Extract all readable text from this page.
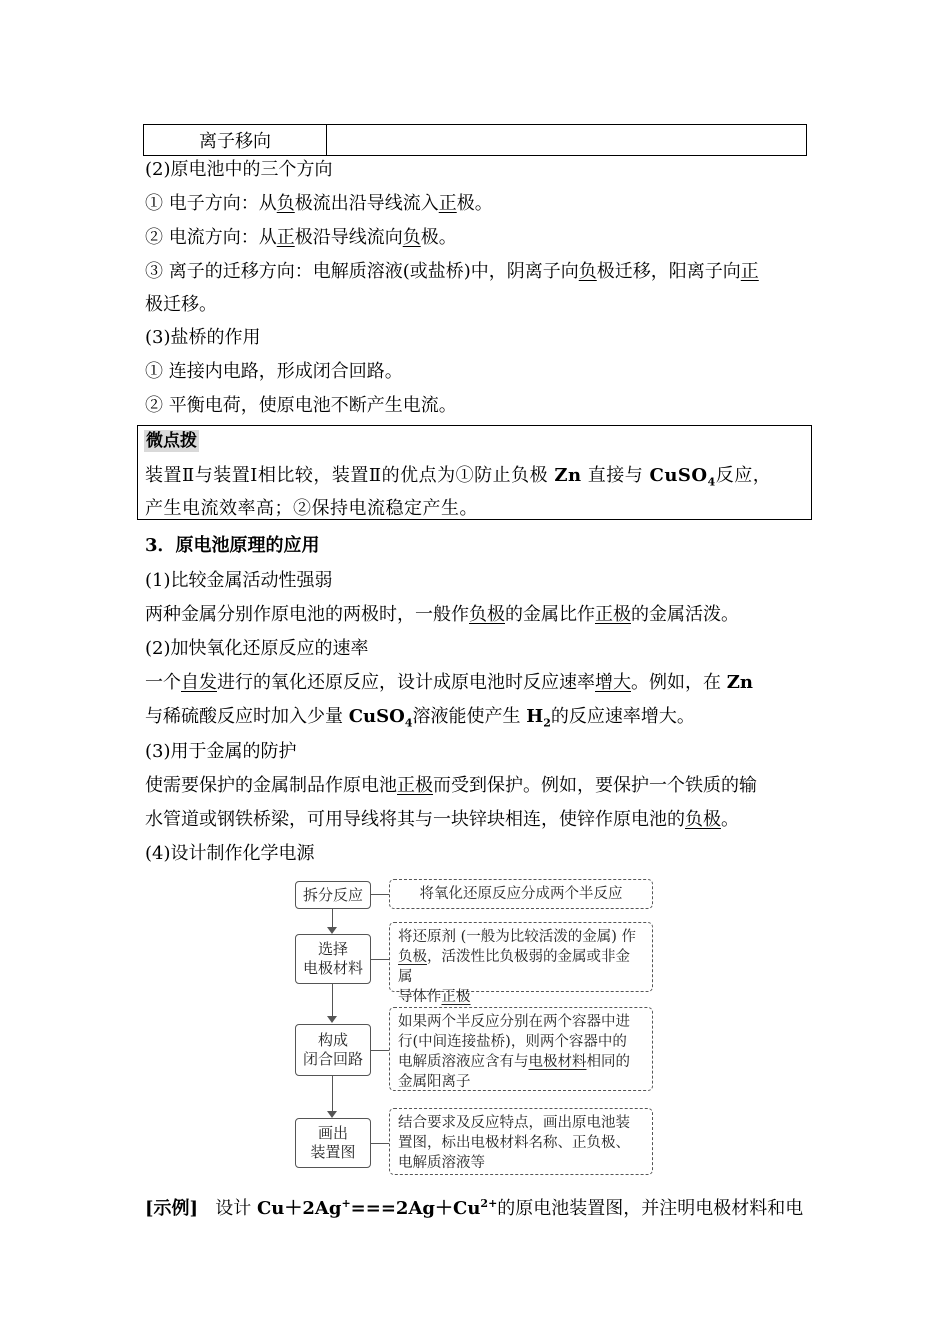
离子移向	
(2)原电池中的三个方向
① 电子方向：从负极流出沿导线流入正极。
② 电流方向：从正极沿导线流向负极。
③ 离子的迁移方向：电解质溶液(或盐桥)中，阴离子向负极迁移，阳离子向正
极迁移。
(3)盐桥的作用
① 连接内电路，形成闭合回路。
② 平衡电荷，使原电池不断产生电流。
微点拨
装置Ⅱ与装置Ⅰ相比较，装置Ⅱ的优点为①防止负极 Zn 直接与 CuSO$_4$反应，
产生电流效率高；②保持电流稳定产生。
3．原电池原理的应用
(1)比较金属活动性强弱
两种金属分别作原电池的两极时，一般作负极的金属比作正极的金属活泼。
(2)加快氧化还原反应的速率
一个自发进行的氧化还原反应，设计成原电池时反应速率增大。例如，在 Zn
与稀硫酸反应时加入少量 CuSO$_4$溶液能使产生 $H_2$的反应速率增大。
(3)用于金属的防护
使需要保护的金属制品作原电池正极而受到保护。例如，要保护一个铁质的输
水管道或钢铁桥梁，可用导线将其与一块锌块相连，使锌作原电池的负极。
(4)设计制作化学电源
拆分反应	将氧化还原反应分成两个半反应
选择
电极材料
将还原剂 (一般为比较活泼的金属) 作
负极，活泼性比负极弱的金属或非金属
导体作正极
构成
闭合回路
如果两个半反应分别在两个容器中进
行(中间连接盐桥)，则两个容器中的
电解质溶液应含有与电极材料相同的
金属阳离子
画出
装置图
结合要求及反应特点，画出原电池装
置图，标出电极材料名称、正负极、
电解质溶液等
[示例] 设计 $Cu+2Ag^+===2Ag+Cu^{2+}$的原电池装置图，并注明电极材料和电
